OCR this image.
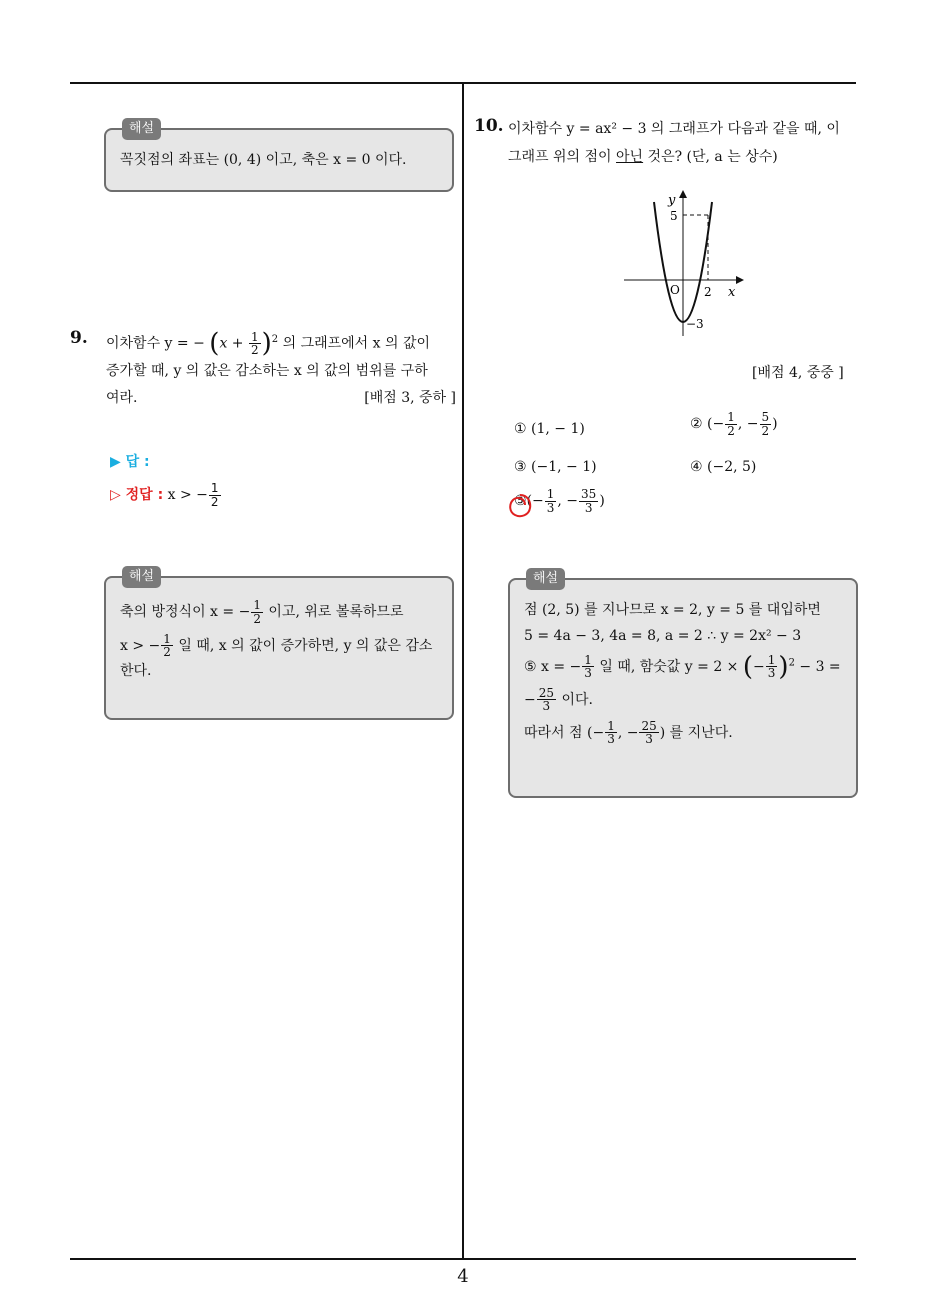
해설
꼭짓점의 좌표는 (0, 4) 이고, 축은 x = 0 이다.
9. 이차함수 y = − $(x + \frac{1}{2} )^2$ 의 그래프에서 x 의 값이
증가할 때, y 의 값은 감소하는 x 의 값의 범위를 구하
여라.	[배점 3, 중하 ]
▶ 답 :
▷ 정답 : x > − $\frac{1}{2}$
해설
축의 방정식이 x = − $\frac{1}{2}$ 이고, 위로 볼록하므로
x > − $\frac{1}{2}$ 일 때, x 의 값이 증가하면, y 의 값은 감소
한다.
10. 이차함수 y = ax² − 3 의 그래프가 다음과 같을 때, 이
그래프 위의 점이 아닌 것은? (단, a 는 상수)
y
5
O 2 x
−3
[배점 4, 중중 ]
① (1, − 1)	② (− $\frac{1}{2}$ , − $\frac{5}{2}$ )
③ (−1, − 1)	④ (−2, 5)
⑤(− $\frac{1}{3}$ , − $\frac{35}{3}$ )
해설
점 (2, 5) 를 지나므로 x = 2, y = 5 를 대입하면
5 = 4a − 3, 4a = 8, a = 2 ∴ y = 2x² − 3
⑤ x = − $\frac{1}{3}$ 일 때, 함숫값 y = 2 × (− $\frac{1}{3} )^2 - 3$ =
− $\frac{25}{3}$ 이다.
따라서 점 (− $\frac{1}{3}$ , − $\frac{25}{3}$ ) 를 지난다.
4
